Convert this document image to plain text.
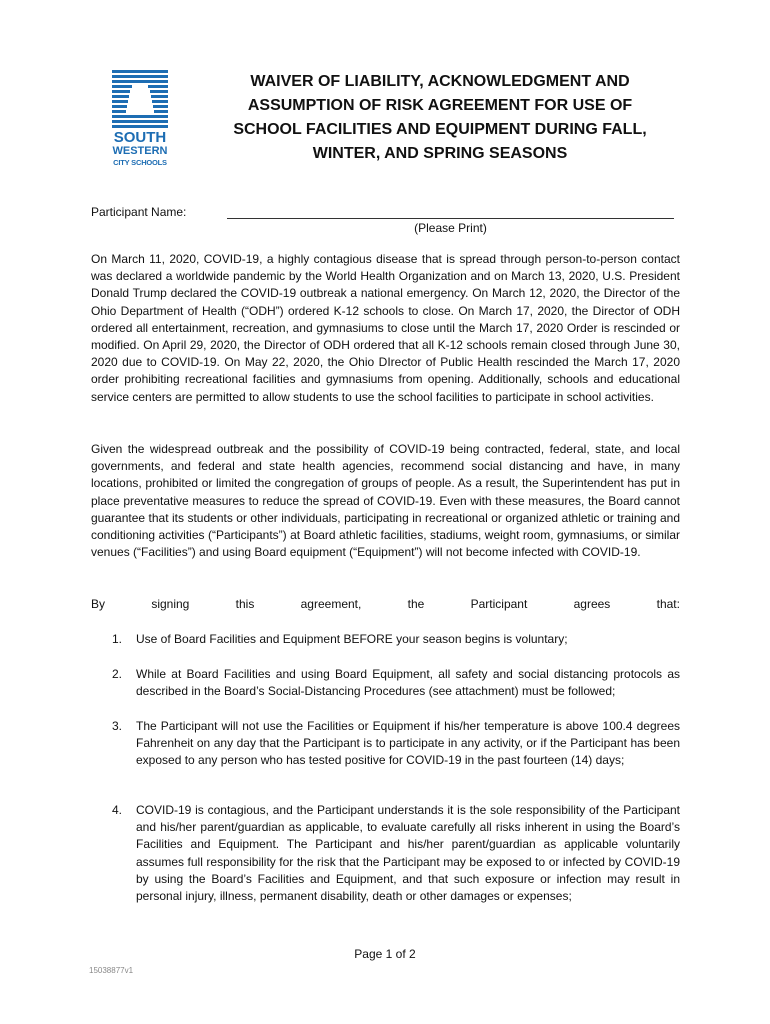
SOUTH
WESTERN
CITY SCHOOLS
WAIVER OF LIABILITY, ACKNOWLEDGMENT AND
ASSUMPTION OF RISK AGREEMENT FOR USE OF
SCHOOL FACILITIES AND EQUIPMENT DURING FALL,
WINTER, AND SPRING SEASONS
Participant Name:
(Please Print)

On March 11, 2020, COVID-19, a highly contagious disease that is spread through person-to-person contact was declared a worldwide pandemic by the World Health Organization and on March 13, 2020, U.S. President Donald Trump declared the COVID-19 outbreak a national emergency. On March 12, 2020, the Director of the Ohio Department of Health (“ODH”) ordered K-12 schools to close. On March 17, 2020, the Director of ODH ordered all entertainment, recreation, and gymnasiums to close until the March 17, 2020 Order is rescinded or modified. On April 29, 2020, the Director of ODH ordered that all K-12 schools remain closed through June 30, 2020 due to COVID-19. On May 22, 2020, the Ohio DIrector of Public Health rescinded the March 17, 2020 order prohibiting recreational facilities and gymnasiums from opening. Additionally, schools and educational service centers are permitted to allow students to use the school facilities to participate in school activities.

Given the widespread outbreak and the possibility of COVID-19 being contracted, federal, state, and local governments, and federal and state health agencies, recommend social distancing and have, in many locations, prohibited or limited the congregation of groups of people. As a result, the Superintendent has put in place preventative measures to reduce the spread of COVID-19. Even with these measures, the Board cannot guarantee that its students or other individuals, participating in recreational or organized athletic or training and conditioning activities (“Participants”) at Board athletic facilities, stadiums, weight room, gymnasiums, or similar venues (“Facilities”) and using Board equipment (“Equipment”) will not become infected with COVID-19.

By	signing	this	agreement,	the	Participant	agrees	that:
1. Use of Board Facilities and Equipment BEFORE your season begins is voluntary;
2. While at Board Facilities and using Board Equipment, all safety and social distancing protocols as described in the Board’s Social-Distancing Procedures (see attachment) must be followed;
3. The Participant will not use the Facilities or Equipment if his/her temperature is above 100.4 degrees Fahrenheit on any day that the Participant is to participate in any activity, or if the Participant has been exposed to any person who has tested positive for COVID-19 in the past fourteen (14) days;
4. COVID-19 is contagious, and the Participant understands it is the sole responsibility of the Participant and his/her parent/guardian as applicable, to evaluate carefully all risks inherent in using the Board’s Facilities and Equipment. The Participant and his/her parent/guardian as applicable voluntarily assumes full responsibility for the risk that the Participant may be exposed to or infected by COVID-19 by using the Board’s Facilities and Equipment, and that such exposure or infection may result in personal injury, illness, permanent disability, death or other damages or expenses;
Page 1 of 2
15038877v1
